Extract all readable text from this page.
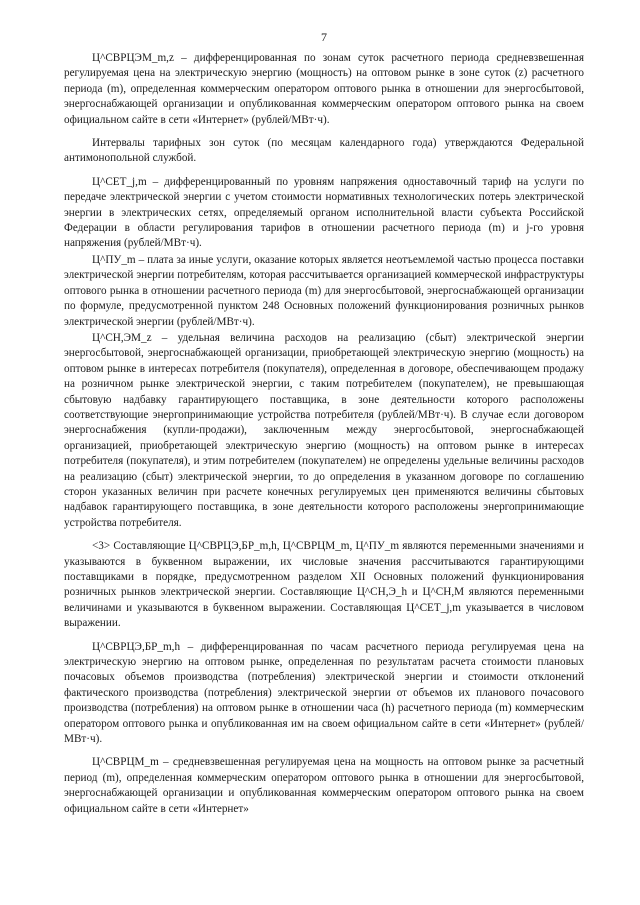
7

Ц^СВРЦЭМ_m,z – дифференцированная по зонам суток расчетного периода средневзвешенная регулируемая цена на электрическую энергию (мощность) на оптовом рынке в зоне суток (z) расчетного периода (m), определенная коммерческим оператором оптового рынка в отношении для энергосбытовой, энергоснабжающей организации и опубликованная коммерческим оператором оптового рынка на своем официальном сайте в сети «Интернет» (рублей/МВт·ч).

Интервалы тарифных зон суток (по месяцам календарного года) утверждаются Федеральной антимонопольной службой.

Ц^СЕТ_j,m – дифференцированный по уровням напряжения одноставочный тариф на услуги по передаче электрической энергии с учетом стоимости нормативных технологических потерь электрической энергии в электрических сетях, определяемый органом исполнительной власти субъекта Российской Федерации в области регулирования тарифов в отношении расчетного периода (m) и j-го уровня напряжения (рублей/МВт·ч).

Ц^ПУ_m – плата за иные услуги, оказание которых является неотъемлемой частью процесса поставки электрической энергии потребителям, которая рассчитывается организацией коммерческой инфраструктуры оптового рынка в отношении расчетного периода (m) для энергосбытовой, энергоснабжающей организации по формуле, предусмотренной пунктом 248 Основных положений функционирования розничных рынков электрической энергии (рублей/МВт·ч).

Ц^СН,ЭМ_z – удельная величина расходов на реализацию (сбыт) электрической энергии энергосбытовой, энергоснабжающей организации, приобретающей электрическую энергию (мощность) на оптовом рынке в интересах потребителя (покупателя), определенная в договоре, обеспечивающем продажу на розничном рынке электрической энергии, с таким потребителем (покупателем), не превышающая сбытовую надбавку гарантирующего поставщика, в зоне деятельности которого расположены соответствующие энергопринимающие устройства потребителя (рублей/МВт·ч). В случае если договором энергоснабжения (купли-продажи), заключенным между энергосбытовой, энергоснабжающей организацией, приобретающей электрическую энергию (мощность) на оптовом рынке в интересах потребителя (покупателя), и этим потребителем (покупателем) не определены удельные величины расходов на реализацию (сбыт) электрической энергии, то до определения в указанном договоре по соглашению сторон указанных величин при расчете конечных регулируемых цен применяются величины сбытовых надбавок гарантирующего поставщика, в зоне деятельности которого расположены энергопринимающие устройства потребителя.

<3> Составляющие Ц^СВРЦЭ,БР_m,h, Ц^СВРЦМ_m, Ц^ПУ_m являются переменными значениями и указываются в буквенном выражении, их числовые значения рассчитываются гарантирующими поставщиками в порядке, предусмотренном разделом XII Основных положений функционирования розничных рынков электрической энергии. Составляющие Ц^СН,Э_h и Ц^СН,М являются переменными величинами и указываются в буквенном выражении. Составляющая Ц^СЕТ_j,m указывается в числовом выражении.

Ц^СВРЦЭ,БР_m,h – дифференцированная по часам расчетного периода регулируемая цена на электрическую энергию на оптовом рынке, определенная по результатам расчета стоимости плановых почасовых объемов производства (потребления) электрической энергии и стоимости отклонений фактического производства (потребления) электрической энергии от объемов их планового почасового производства (потребления) на оптовом рынке в отношении часа (h) расчетного периода (m) коммерческим оператором оптового рынка и опубликованная им на своем официальном сайте в сети «Интернет» (рублей/МВт·ч).

Ц^СВРЦМ_m – средневзвешенная регулируемая цена на мощность на оптовом рынке за расчетный период (m), определенная коммерческим оператором оптового рынка в отношении для энергосбытовой, энергоснабжающей организации и опубликованная коммерческим оператором оптового рынка на своем официальном сайте в сети «Интернет»
